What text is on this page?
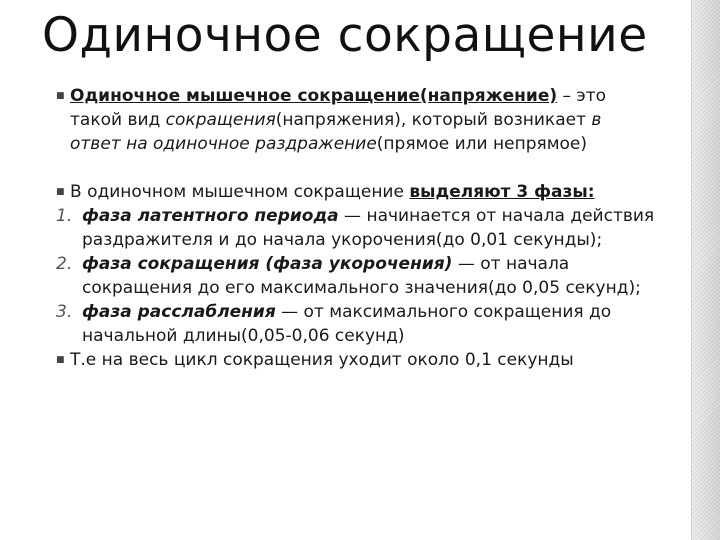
Одиночное сокращение
■ Одиночное мышечное сокращение(напряжение) – это такой вид сокращения(напряжения), который возникает в ответ на одиночное раздражение(прямое или непрямое)
■ В одиночном мышечном сокращение выделяют 3 фазы:
1. фаза латентного периода — начинается от начала действия раздражителя и до начала укорочения(до 0,01 секунды);
2. фаза сокращения (фаза укорочения) — от начала сокращения до его максимального значения(до 0,05 секунд);
3. фаза расслабления — от максимального сокращения до начальной длины(0,05-0,06 секунд)
■ Т.е на весь цикл сокращения уходит около 0,1 секунды
